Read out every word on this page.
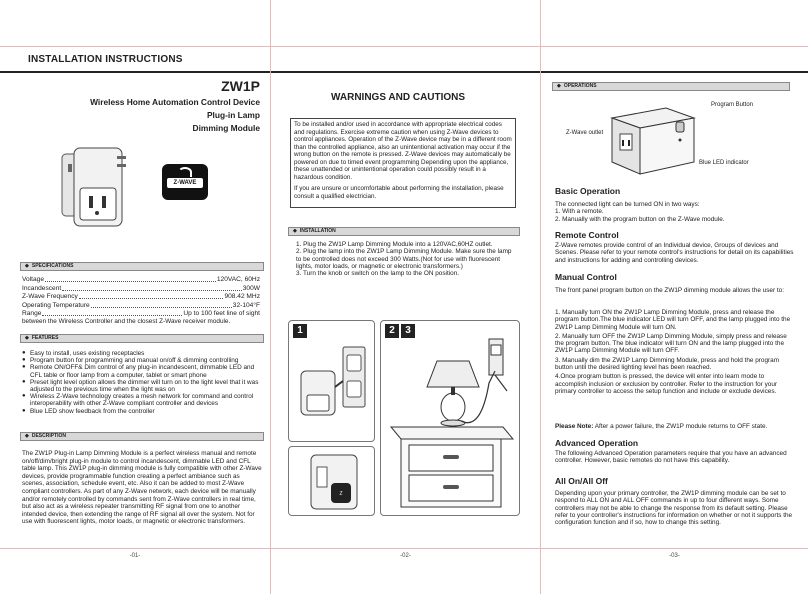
INSTALLATION INSTRUCTIONS
ZW1P
Wireless Home Automation Control Device
Plug-in Lamp
Dimming Module
Z-WAVE
◆ SPECIFICATIONS
Voltage	120VAC, 60Hz
Incandescent	300W
Z-Wave Frequency	908.42 MHz
Operating Temperature	32-104°F
Range	Up to 100 feet line of sight
between the Wireless Controller and the closest Z-Wave receiver module.
◆ FEATURES
● Easy to install, uses existing receptacles
● Program button for programming and manual on/off & dimming controlling
● Remote ON/OFF& Dim control of any plug-in incandescent, dimmable LED and CFL table or floor lamp from a computer, tablet or smart phone
● Preset light level option allows the dimmer will turn on to the light level that it was adjusted to the previous time when the light was on
● Wireless Z-Wave technology creates a mesh network for command and control interoperability with other Z-Wave compliant controller and devices
● Blue LED show feedback from the controller
◆ DESCRIPTION
The ZW1P Plug-in Lamp Dimming Module is a perfect wireless manual and remote on/off/dim/bright plug-in module to control incandescent, dimmable LED and CFL table lamp. This ZW1P plug-in dimming module is fully compatible with other Z-Wave devices, provide programmable function creating a perfect ambiance such as scenes, association, schedule event, etc. Also it can be added to most Z-Wave compliant controllers. As part of any Z-Wave network, each device will be manually and/or remotely controlled by commands sent from Z-Wave controllers in real time, but also act as a wireless repeater transmitting RF signal from one to another intended device, then extending the range of RF signal all over the system. Not for use with fluorescent lights, motor loads, or magnetic or electronic transformers.
-01-
WARNINGS AND CAUTIONS
-02-
To be installed and/or used in accordance with appropriate electrical codes and regulations. Exercise extreme caution when using Z-Wave devices to control appliances. Operation of the Z-Wave device may be in a different room than the controlled appliance, also an unintentional activation may occur if the wrong button on the remote is pressed. Z-Wave devices may automatically be powered on due to timed event programming Depending upon the appliance, these unattended or unintentional operation could possibly result in a hazardous condition.
If you are unsure or uncomfortable about performing the installation, please consult a qualified electrician.
◆ INSTALLATION
1. Plug the ZW1P Lamp Dimming Module into a 120VAC,60HZ outlet.
2. Plug the lamp into the ZW1P Lamp Dimming Module. Make sure the lamp to be controlled does not exceed 300 Watts.(Not for use with fluorescent lights, motor loads, or magnetic or electronic transformers.)
3. Turn the knob or switch on the lamp to the ON position.
1
Z
2	3
-03-
◆ OPERATIONS
Program Button
Z-Wave outlet
Blue LED indicator
Basic Operation
The connected light can be turned ON in two ways:
1. With a remote.
2. Manually with the program button on the Z-Wave module.
Remote Control
Z-Wave remotes provide control of an Individual device, Groups of devices and Scenes. Please refer to your remote control's instructions for detail on its capabilities and instructions for adding and controlling devices.
Manual Control
The front panel program button on the ZW1P dimming module allows the user to:
1. Manually turn ON the ZW1P Lamp Dimming Module, press and release the program button.The blue indicator LED will turn OFF, and the lamp plugged into the ZW1P Lamp Dimming Module will turn ON.
2. Manually turn OFF the ZW1P Lamp Dimming Module, simply press and release the program button. The blue indicator will turn ON and the lamp plugged into the ZW1P Lamp Dimming Module will turn OFF.
3. Manually dim the ZW1P Lamp Dimming Module, press and hold the program button until the desired lighting level has been reached.
4.Once program button is pressed, the device will enter into learn mode to accomplish inclusion or exclusion by controller. Refer to the instruction for your primary controller to access the setup function and include or exclude devices.
Please Note: After a power failure, the ZW1P module returns to OFF state.
Advanced Operation
The following Advanced Operation parameters require that you have an advanced controller. However, basic remotes do not have this capability.
All On/All Off
Depending upon your primary controller, the ZW1P dimming module can be set to respond to ALL ON and ALL OFF commands in up to four different ways. Some controllers may not be able to change the response from its default setting. Please refer to your controller's instructions for information on whether or not it supports the configuration function and if so, how to change this setting.
